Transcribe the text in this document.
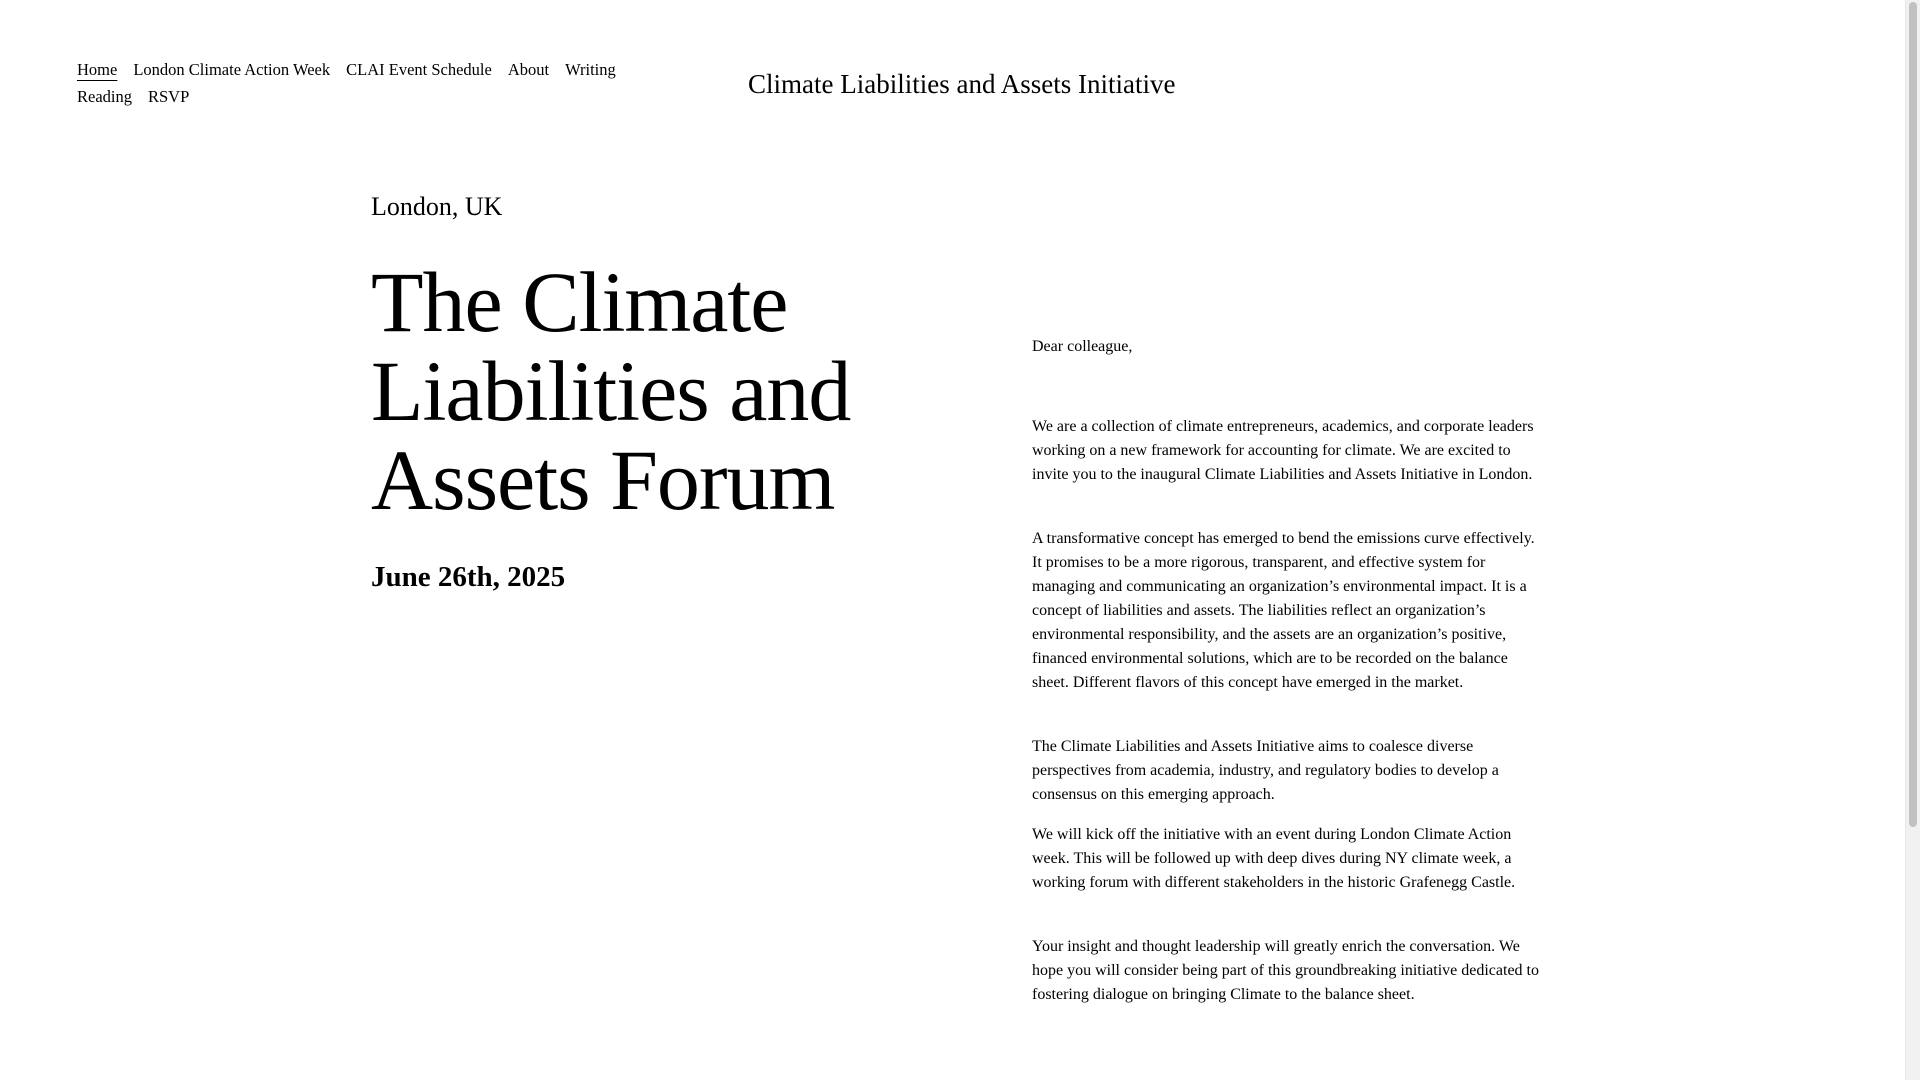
Home London Climate Action Week CLAI Event Schedule About WritingReading RSVP	Climate Liabilities and Assets Initiative
London, UK
The Climate Liabilities and Assets Forum
June 26th, 2025

Dear colleague,

We are a collection of climate entrepreneurs, academics, and corporate leaders working on a new framework for accounting for climate. We are excited to invite you to the inaugural Climate Liabilities and Assets Initiative in London.

A transformative concept has emerged to bend the emissions curve effectively. It promises to be a more rigorous, transparent, and effective system for managing and communicating an organization’s environmental impact. It is a concept of liabilities and assets. The liabilities reflect an organization’s environmental responsibility, and the assets are an organization’s positive, financed environmental solutions, which are to be recorded on the balance sheet. Different flavors of this concept have emerged in the market.

The Climate Liabilities and Assets Initiative aims to coalesce diverse perspectives from academia, industry, and regulatory bodies to develop a consensus on this emerging approach.

We will kick off the initiative with an event during London Climate Action week. This will be followed up with deep dives during NY climate week, a working forum with different stakeholders in the historic Grafenegg Castle.

Your insight and thought leadership will greatly enrich the conversation. We hope you will consider being part of this groundbreaking initiative dedicated to fostering dialogue on bringing Climate to the balance sheet.
